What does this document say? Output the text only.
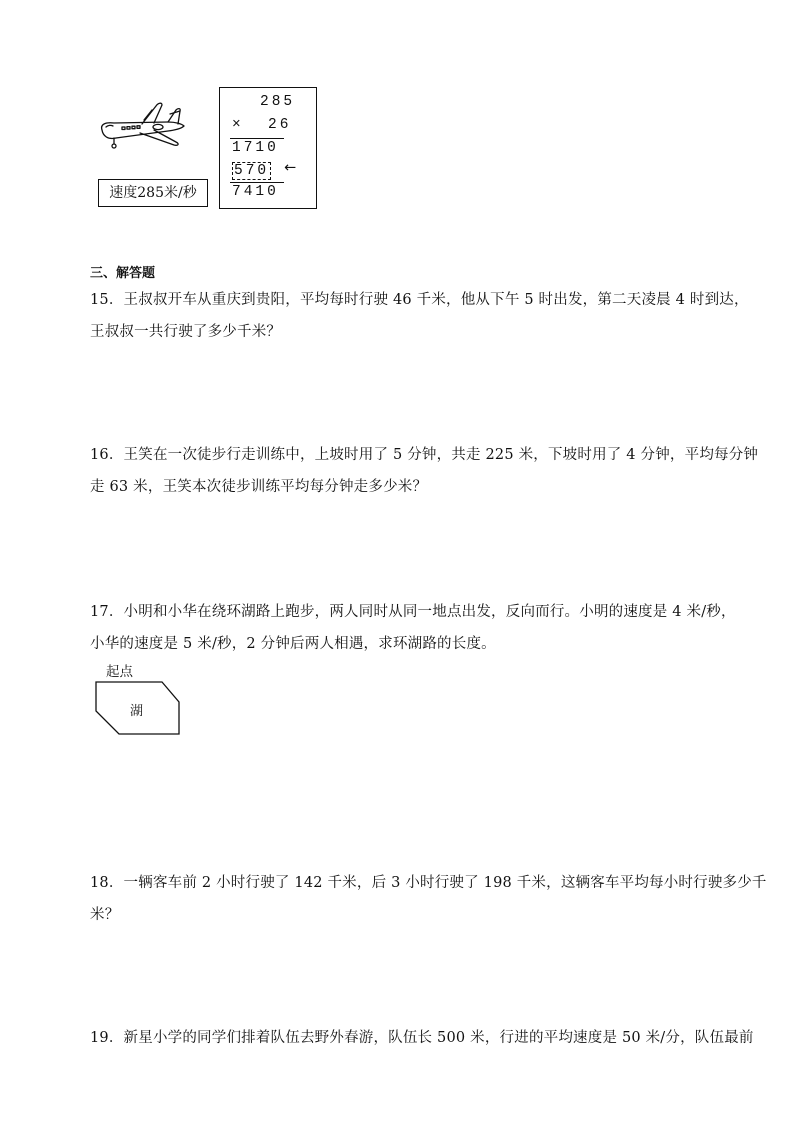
速度285米/秒
285
× 26
1710
570 ←
7410
三、解答题
15．王叔叔开车从重庆到贵阳，平均每时行驶 46 千米，他从下午 5 时出发，第二天凌晨 4 时到达，
王叔叔一共行驶了多少千米？
16．王笑在一次徒步行走训练中，上坡时用了 5 分钟，共走 225 米，下坡时用了 4 分钟，平均每分钟
走 63 米，王笑本次徒步训练平均每分钟走多少米？
17．小明和小华在绕环湖路上跑步，两人同时从同一地点出发，反向而行。小明的速度是 4 米/秒，
小华的速度是 5 米/秒，2 分钟后两人相遇，求环湖路的长度。
起点
湖
18．一辆客车前 2 小时行驶了 142 千米，后 3 小时行驶了 198 千米，这辆客车平均每小时行驶多少千
米？
19．新星小学的同学们排着队伍去野外春游，队伍长 500 米，行进的平均速度是 50 米/分，队伍最前
